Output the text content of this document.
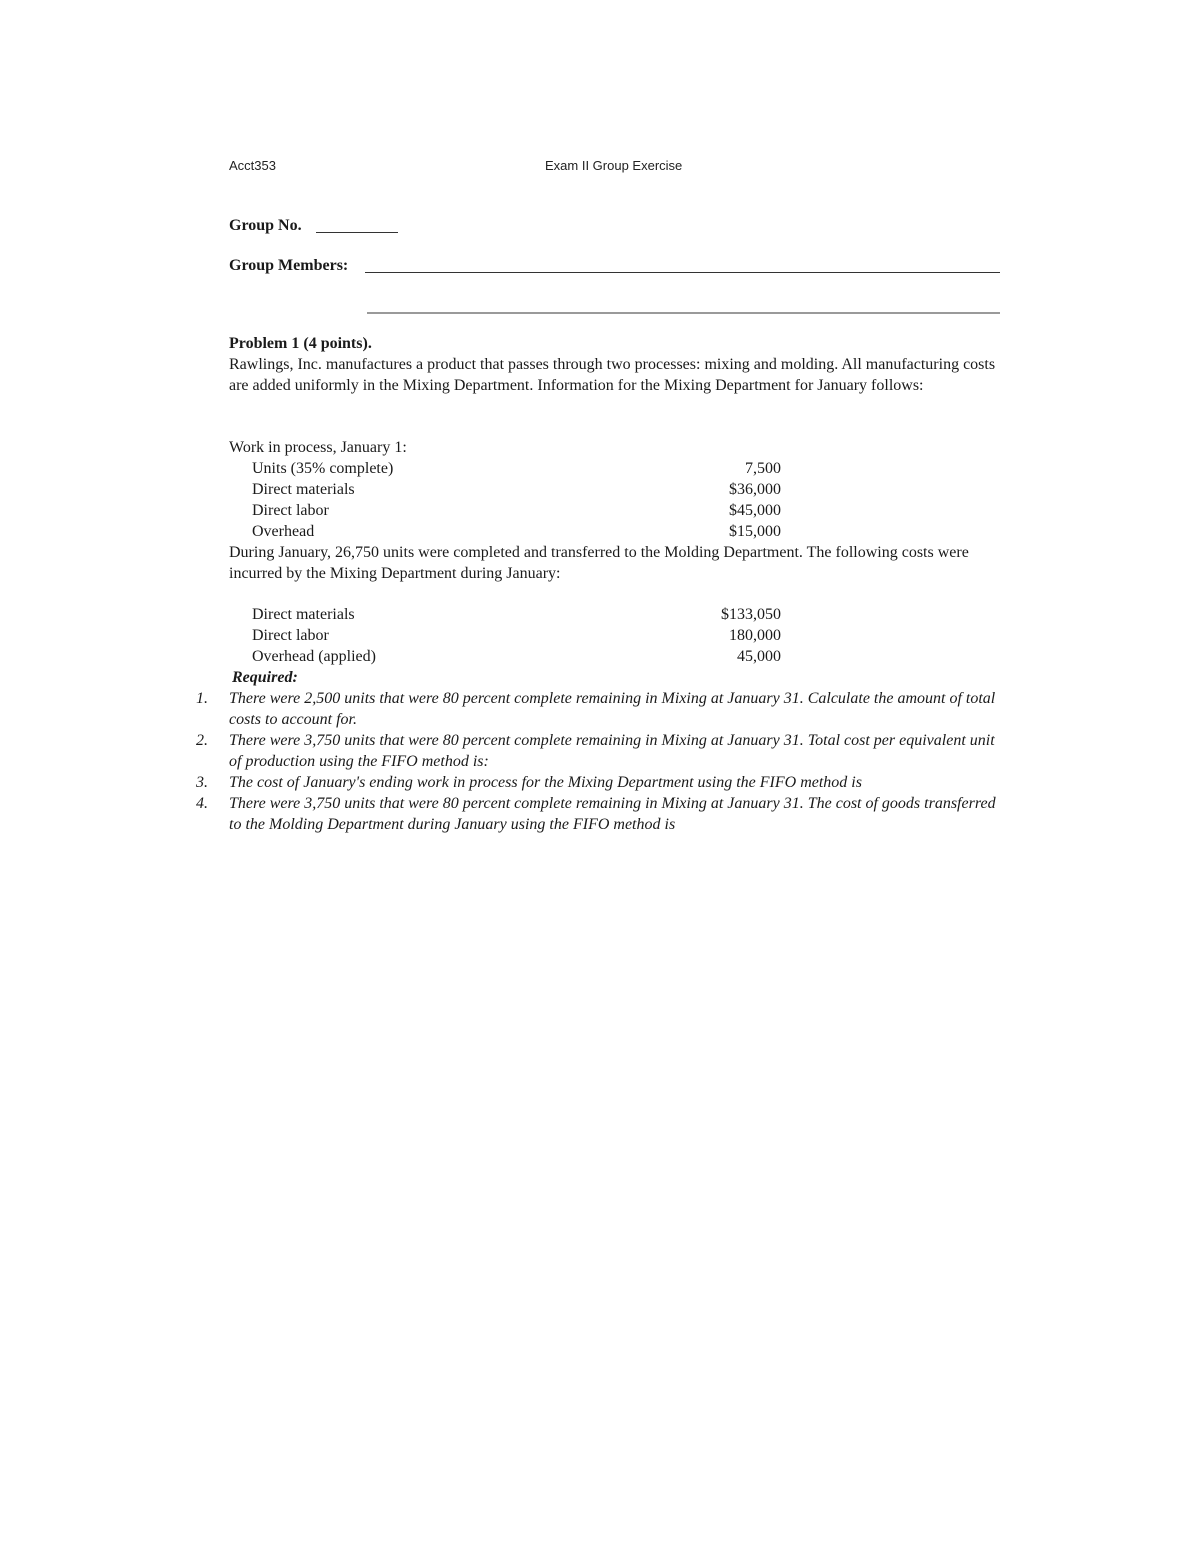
Acct353	Exam II Group Exercise
Group No.
Group Members:
Problem 1 (4 points).
Rawlings, Inc. manufactures a product that passes through two processes: mixing and molding. All manufacturing costs are added uniformly in the Mixing Department. Information for the Mixing Department for January follows:
Work in process, January 1:
Units (35% complete)	7,500
Direct materials	$36,000
Direct labor	$45,000
Overhead	$15,000
During January, 26,750 units were completed and transferred to the Molding Department. The following costs were incurred by the Mixing Department during January:
Direct materials	$133,050
Direct labor	180,000
Overhead (applied)	45,000
Required:
1.	There were 2,500 units that were 80 percent complete remaining in Mixing at January 31. Calculate the amount of total costs to account for.
2.	There were 3,750 units that were 80 percent complete remaining in Mixing at January 31. Total cost per equivalent unit of production using the FIFO method is:
3.	The cost of January's ending work in process for the Mixing Department using the FIFO method is
4.	There were 3,750 units that were 80 percent complete remaining in Mixing at January 31. The cost of goods transferred to the Molding Department during January using the FIFO method is
